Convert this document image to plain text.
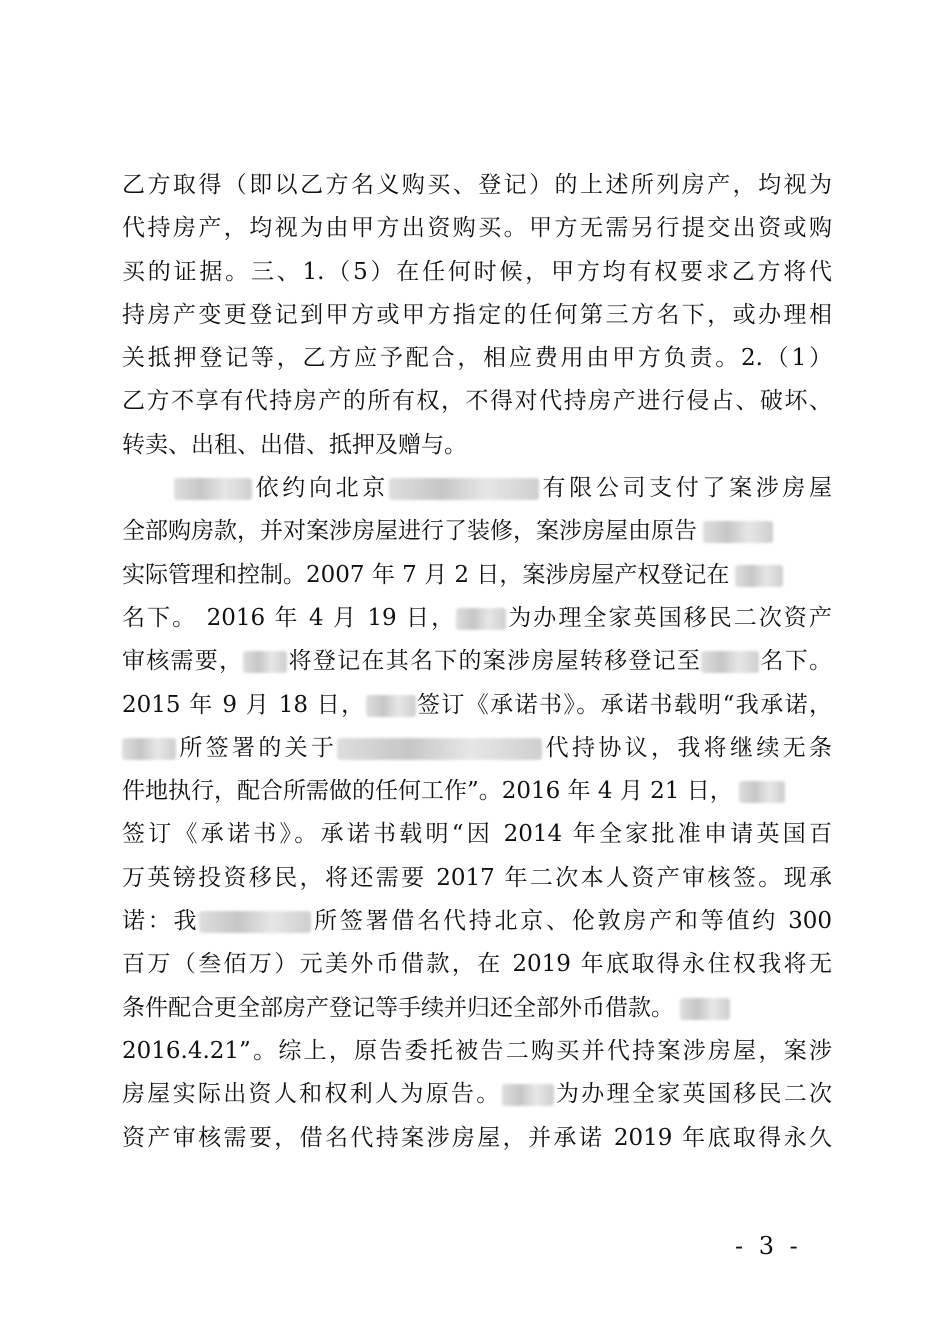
乙方取得（即以乙方名义购买、登记）的上述所列房产，均视为
代持房产，均视为由甲方出资购买。甲方无需另行提交出资或购
买的证据。三、1.（5）在任何时候，甲方均有权要求乙方将代
持房产变更登记到甲方或甲方指定的任何第三方名下，或办理相
关抵押登记等，乙方应予配合，相应费用由甲方负责。2.（1）
乙方不享有代持房产的所有权，不得对代持房产进行侵占、破坏、
转卖、出租、出借、抵押及赠与。
依约向北京	有限公司支付了案涉房屋
全部购房款，并对案涉房屋进行了装修，案涉房屋由原告
实际管理和控制。2007 年 7 月 2 日，案涉房屋产权登记在
名下。 2016 年 4 月 19 日， 为办理全家英国移民二次资产
审核需要， 将登记在其名下的案涉房屋转移登记至	名下。
2015 年 9 月 18 日， 签订《承诺书》。承诺书载明“我承诺，
所签署的关于	代持协议，我将继续无条
件地执行，配合所需做的任何工作”。2016 年 4 月 21 日，
签订《承诺书》。承诺书载明“因 2014 年全家批准申请英国百
万英镑投资移民，将还需要 2017 年二次本人资产审核签。现承
诺：我	所签署借名代持北京、伦敦房产和等值约 300
百万（叁佰万）元美外币借款，在 2019 年底取得永住权我将无
条件配合更全部房产登记等手续并归还全部外币借款。
2016.4.21”。综上，原告委托被告二购买并代持案涉房屋，案涉
房屋实际出资人和权利人为原告。 为办理全家英国移民二次
资产审核需要，借名代持案涉房屋，并承诺 2019 年底取得永久
- 3 -
